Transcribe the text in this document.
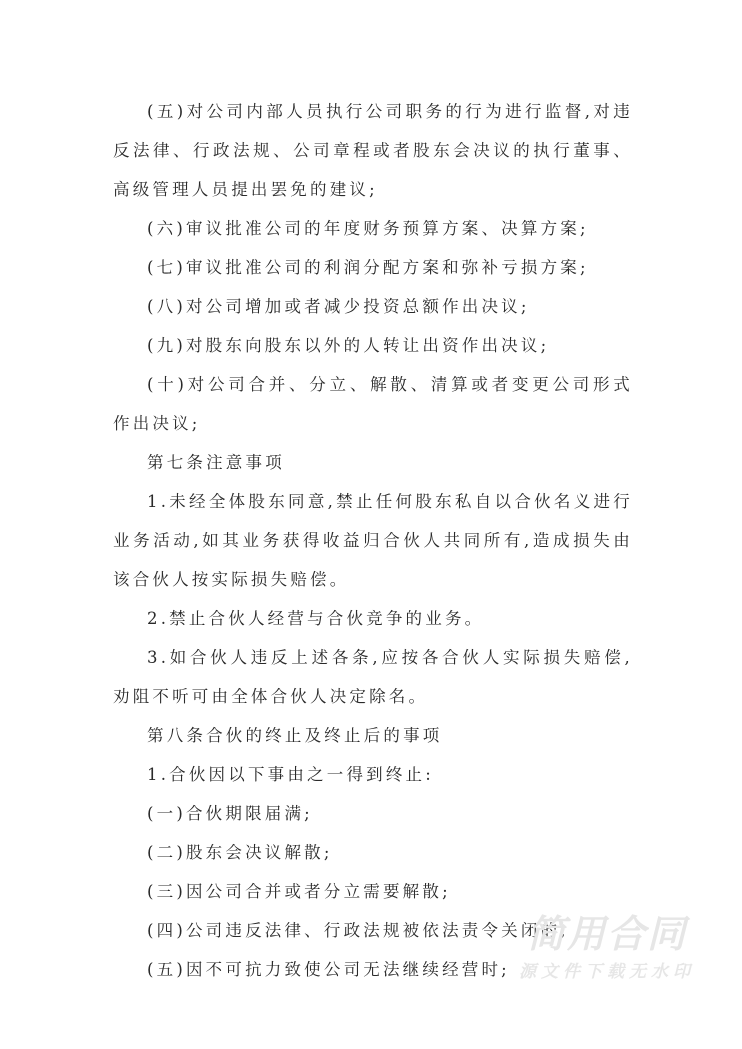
(五)对公司内部人员执行公司职务的行为进行监督,对违反法律、行政法规、公司章程或者股东会决议的执行董事、高级管理人员提出罢免的建议;

(六)审议批准公司的年度财务预算方案、决算方案;

(七)审议批准公司的利润分配方案和弥补亏损方案;

(八)对公司增加或者减少投资总额作出决议;

(九)对股东向股东以外的人转让出资作出决议;

(十)对公司合并、分立、解散、清算或者变更公司形式作出决议;

第七条注意事项

1.未经全体股东同意,禁止任何股东私自以合伙名义进行业务活动,如其业务获得收益归合伙人共同所有,造成损失由该合伙人按实际损失赔偿。

2.禁止合伙人经营与合伙竞争的业务。

3.如合伙人违反上述各条,应按各合伙人实际损失赔偿,劝阻不听可由全体合伙人决定除名。

第八条合伙的终止及终止后的事项

1.合伙因以下事由之一得到终止:

(一)合伙期限届满;

(二)股东会决议解散;

(三)因公司合并或者分立需要解散;

(四)公司违反法律、行政法规被依法责令关闭的;

(五)因不可抗力致使公司无法继续经营时;

简用合同
源文件下载无水印
